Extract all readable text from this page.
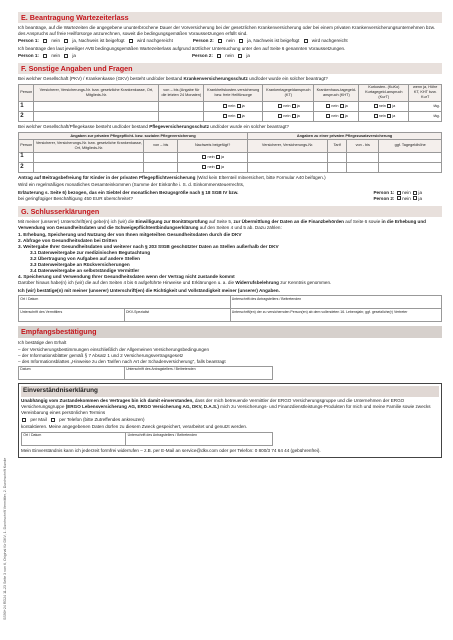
SS90+24 RD24 11-23 Seite 3 von 6, Original für DKV, 1. Durchschrift Vermittler, 2. Durchschrift Kunde
E. Beantragung Wartezeiterlass

Ich beantrage, auf die Wartezeiten die angegebene ununterbrochene Dauer der Vorversicherung bei der gesetzlichen Krankenversicherung oder bei einem privaten Krankenversicherungsunternehmen bzw. des Anspruchs auf freie Heilfürsorge anzurechnen, soweit die bedingungsgemäßen Voraussetzungen erfüllt sind.

Person 1:	nein	ja, Nachweis ist beigefügt	wird nachgereicht	Person 2:	nein	ja, Nachweis ist beigefügt	wird nachgereicht

Ich beantrage den laut jeweiliger AVB bedingungsgemäßen Wartezeiterlass aufgrund ärztlicher Untersuchung unter den auf Seite 6 genannten Voraussetzungen.

Person 1:	nein	ja	Person 2:	nein	ja
F. Sonstige Angaben und Fragen

Bei welcher Gesellschaft (PKV) / Krankenkasse (GKV) besteht und/oder bestand Krankenversicherungsschutz und/oder wurde ein solcher beantragt?

Person	Versicherer, Versicherungs-Nr. bzw. gesetzliche Krankenkasse, Ort, Mitglieds-Nr.	von – bis (Angabe für die letzten 24 Monaten)	Krankheitskosten-versicherung bzw. freie Heilfürsorge	Krankentagegeldanspruch (KT)	Krankenhaus-tagegeld-anspruch (KHT)	Kurkosten- (KuKo) Kurtagegeld-anspruch (KurT)	wenn ja, Höhe KT, KHT bzw. KurT
1			nein ja	nein ja	nein ja	nein ja	täg.
2			nein ja	nein ja	nein ja	nein ja	täg.

Bei welcher Gesellschaft/Pflegekasse besteht und/oder bestand Pflegeversicherungsschutz und/oder wurde ein solcher beantragt?

Angaben zur privaten Pflegepflicht- bzw. sozialen Pflegeversicherung				Angaben zu einer privaten Pflegezusatzversicherung			
Person	Versicherer, Versicherungs-Nr. bzw. gesetzliche Krankenkasse, Ort, Mitglieds-Nr.	von – bis	Nachweis beigefügt?	Versicherer, Versicherungs-Nr.	Tarif	von - bis	ggf. Tagegeldhöhe
1			nein ja				
2			nein ja				

Antrag auf Beitragsbefreiung für Kinder in der privaten Pflegepflichtversicherung (Wird kein Elternteil mitversichert, bitte Formular A40 beifügen.)

Wird ein regelmäßiges monatliches Gesamteinkommen (Summe der Einkünfte i. S. d. Einkommensteuerrechts,

Erläuterung s. Seite 6) bezogen, das ein Siebtel der monatlichen Bezugsgröße nach § 18 SGB IV bzw.	Person 1: nein ja
bei geringfügiger Beschäftigung 450 EUR überschreitet?	Person 2: nein ja
G. Schlusserklärungen

Mit meiner (unserer) Unterschrift(en) gebe(n) ich (wir) die Einwilligung zur Bonitätsprüfung auf Seite 5, zur Übermittlung der Daten an die Finanzbehörden auf Seite 6 sowie in die Erhebung und Verwendung von Gesundheitsdaten und die Schweigepflichtentbindungserklärung auf den Seiten 4 und 5 ab. Dazu zählen:

1. Erhebung, Speicherung und Nutzung der von Ihnen mitgeteilten Gesundheitsdaten durch die DKV
2. Abfrage von Gesundheitsdaten bei Dritten
3. Weitergabe Ihrer Gesundheitsdaten und weiterer nach § 203 StGB geschützter Daten an Stellen außerhalb der DKV
3.1 Datenweitergabe zur medizinischen Begutachtung
3.2 Übertragung von Aufgaben auf andere Stellen
3.3 Datenweitergabe an Rückversicherungen
3.4 Datenweitergabe an selbstständige Vermittler
4. Speicherung und Verwendung Ihrer Gesundheitsdaten wenn der Vertrag nicht zustande kommt

Darüber hinaus habe(n) ich (wir) die auf den Seiten 4 bis 6 aufgeführte Hinweise und Erklärungen u. a. die Widerrufsbelehrung zur Kenntnis genommen.

Ich (wir) bestätige(n) mit meiner (unserer) Unterschrift(en) die Richtigkeit und Vollständigkeit meiner (unserer) Angaben.

Ort / Datum		Unterschrift des Antragstellers / Beitretenden
Unterschrift des Vermittlers	DKV-Spezialist	Unterschrift(en) der zu versichernden Person(en) ab dem vollendeten 16. Lebensjahr, ggf. gesetzliche(r) Vertreter
Empfangsbestätigung

Ich bestätige den Erhalt

– der Versicherungsbestimmungen einschließlich der Allgemeinen Versicherungsbedingungen
– der Informationsblätter gemäß § 7 Absatz 1 und 2 Versicherungsvertragsgesetz
– des Informationsblattes „Hinweise zu den Tarifen nach Art der Schadenversicherung", falls beantragt
Datum	Unterschrift des Antragstellers / Beitretenden	
Einverständniserklärung

Unabhängig vom Zustandekommen des Vertrages bin ich damit einverstanden, dass der mich betreuende Vermittler der ERGO Versicherungsgruppe und die Unternehmen der ERGO Versicherungsgruppe (ERGO Lebensversicherung AG, ERGO Versicherung AG, DKV, D.A.S.) mich zu Versicherungs- und Finanzdienstleistungs-Produkten für mich und meine Familie sowie zwecks Vereinbarung eines persönlichen Termins

per Mail	per Telefon (bitte Zutreffendes ankreuzen)

kontaktieren. Meine angegebenen Daten dürfen zu diesem Zweck gespeichert, verarbeitet und genutzt werden.

Ort / Datum	Unterschrift des Antragstellers / Beitretenden	

Mein Einverständnis kann ich jederzeit formfrei widerrufen – z.B. per E-Mail an service@dkv.com oder per Telefon: 0 800/3 74 64 44 (gebührenfrei).
